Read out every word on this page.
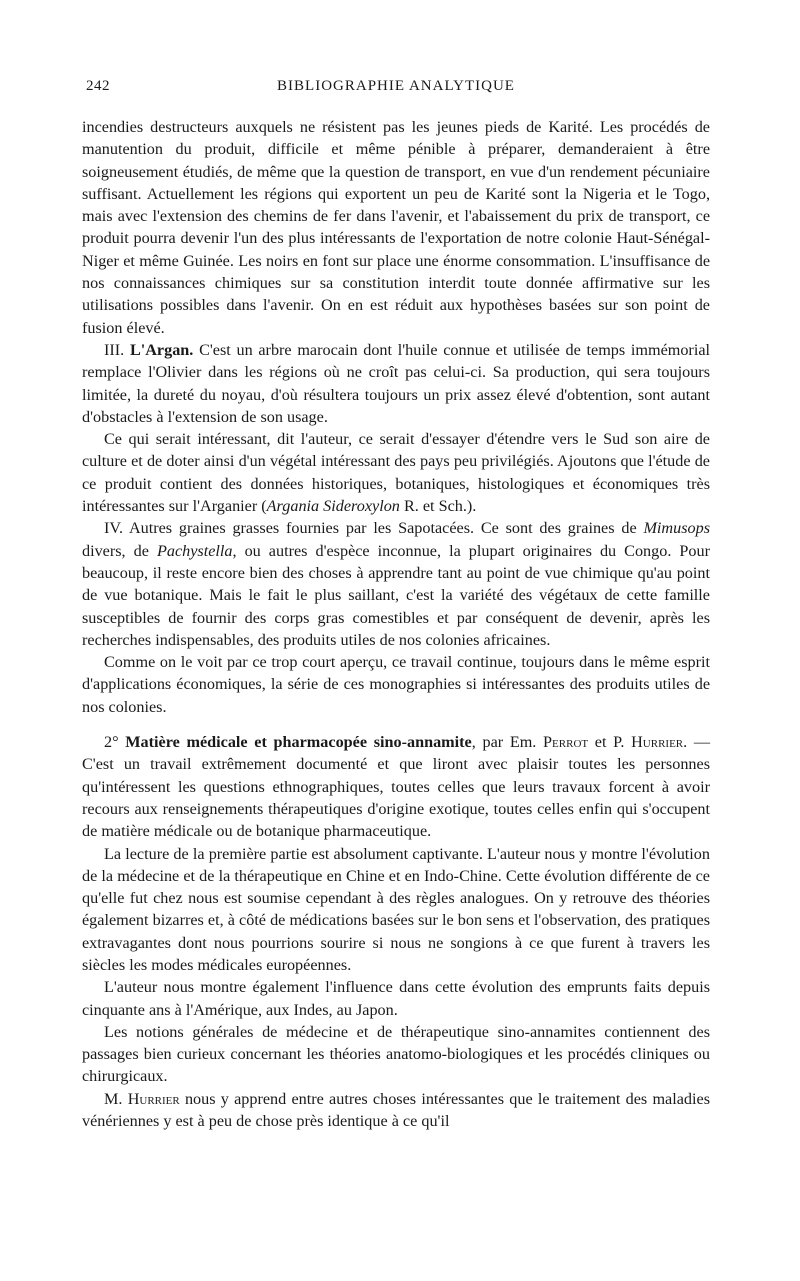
242	BIBLIOGRAPHIE ANALYTIQUE

incendies destructeurs auxquels ne résistent pas les jeunes pieds de Karité. Les procédés de manutention du produit, difficile et même pénible à préparer, demanderaient à être soigneusement étudiés, de même que la question de transport, en vue d'un rendement pécuniaire suffisant. Actuellement les régions qui exportent un peu de Karité sont la Nigeria et le Togo, mais avec l'extension des chemins de fer dans l'avenir, et l'abaissement du prix de transport, ce produit pourra devenir l'un des plus intéressants de l'exportation de notre colonie Haut-Sénégal-Niger et même Guinée. Les noirs en font sur place une énorme consommation. L'insuffisance de nos connaissances chimiques sur sa constitution interdit toute donnée affirmative sur les utilisations possibles dans l'avenir. On en est réduit aux hypothèses basées sur son point de fusion élevé.

III. L'Argan. C'est un arbre marocain dont l'huile connue et utilisée de temps immémorial remplace l'Olivier dans les régions où ne croît pas celui-ci. Sa production, qui sera toujours limitée, la dureté du noyau, d'où résultera toujours un prix assez élevé d'obtention, sont autant d'obstacles à l'extension de son usage.

Ce qui serait intéressant, dit l'auteur, ce serait d'essayer d'étendre vers le Sud son aire de culture et de doter ainsi d'un végétal intéressant des pays peu privilégiés. Ajoutons que l'étude de ce produit contient des données historiques, botaniques, histologiques et économiques très intéressantes sur l'Arganier (Argania Sideroxylon R. et Sch.).

IV. Autres graines grasses fournies par les Sapotacées. Ce sont des graines de Mimusops divers, de Pachystella, ou autres d'espèce inconnue, la plupart originaires du Congo. Pour beaucoup, il reste encore bien des choses à apprendre tant au point de vue chimique qu'au point de vue botanique. Mais le fait le plus saillant, c'est la variété des végétaux de cette famille susceptibles de fournir des corps gras comestibles et par conséquent de devenir, après les recherches indispensables, des produits utiles de nos colonies africaines.

Comme on le voit par ce trop court aperçu, ce travail continue, toujours dans le même esprit d'applications économiques, la série de ces monographies si intéressantes des produits utiles de nos colonies.

2° Matière médicale et pharmacopée sino-annamite, par Em. Perrot et P. Hurrier. — C'est un travail extrêmement documenté et que liront avec plaisir toutes les personnes qu'intéressent les questions ethnographiques, toutes celles que leurs travaux forcent à avoir recours aux renseignements thérapeutiques d'origine exotique, toutes celles enfin qui s'occupent de matière médicale ou de botanique pharmaceutique.

La lecture de la première partie est absolument captivante. L'auteur nous y montre l'évolution de la médecine et de la thérapeutique en Chine et en Indo-Chine. Cette évolution différente de ce qu'elle fut chez nous est soumise cependant à des règles analogues. On y retrouve des théories également bizarres et, à côté de médications basées sur le bon sens et l'observation, des pratiques extravagantes dont nous pourrions sourire si nous ne songions à ce que furent à travers les siècles les modes médicales européennes.

L'auteur nous montre également l'influence dans cette évolution des emprunts faits depuis cinquante ans à l'Amérique, aux Indes, au Japon.

Les notions générales de médecine et de thérapeutique sino-annamites contiennent des passages bien curieux concernant les théories anatomo-biologiques et les procédés cliniques ou chirurgicaux.

M. Hurrier nous y apprend entre autres choses intéressantes que le traitement des maladies vénériennes y est à peu de chose près identique à ce qu'il
